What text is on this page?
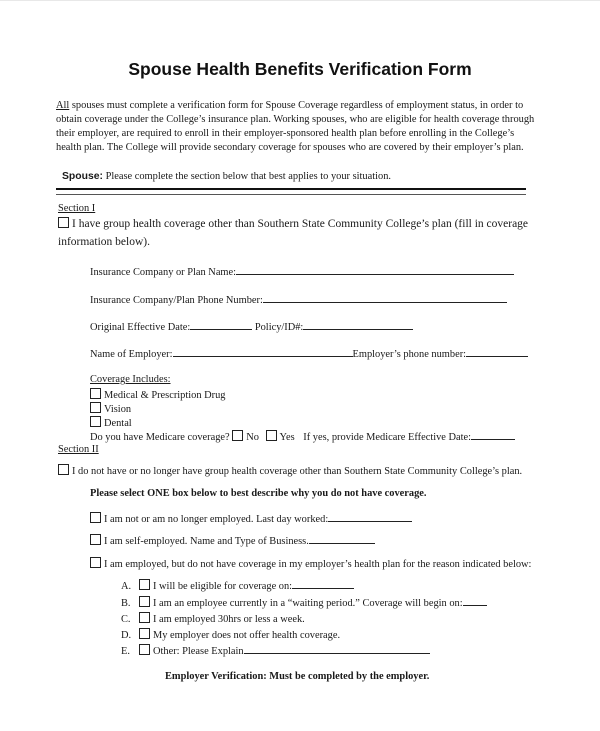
Spouse Health Benefits Verification Form
All spouses must complete a verification form for Spouse Coverage regardless of employment status, in order to
obtain coverage under the College’s insurance plan. Working spouses, who are eligible for health coverage through
their employer, are required to enroll in their employer-sponsored health plan before enrolling in the College’s
health plan. The College will provide secondary coverage for spouses who are covered by their employer’s plan.
Spouse: Please complete the section below that best applies to your situation.
Section I
I have group health coverage other than Southern State Community College’s plan (fill in coverage
information below).
Insurance Company or Plan Name:
Insurance Company/Plan Phone Number:
Original Effective Date:	Policy/ID#:
Name of Employer:	Employer’s phone number:
Coverage Includes:
Medical & Prescription Drug
Vision
Dental
Do you have Medicare coverage? No Yes If yes, provide Medicare Effective Date:
Section II
I do not have or no longer have group health coverage other than Southern State Community College’s plan.
Please select ONE box below to best describe why you do not have coverage.
I am not or am no longer employed. Last day worked:
I am self-employed. Name and Type of Business.
I am employed, but do not have coverage in my employer’s health plan for the reason indicated below:
A. I will be eligible for coverage on:
B. I am an employee currently in a “waiting period.” Coverage will begin on:
C. I am employed 30hrs or less a week.
D. My employer does not offer health coverage.
E. Other: Please Explain
Employer Verification: Must be completed by the employer.
